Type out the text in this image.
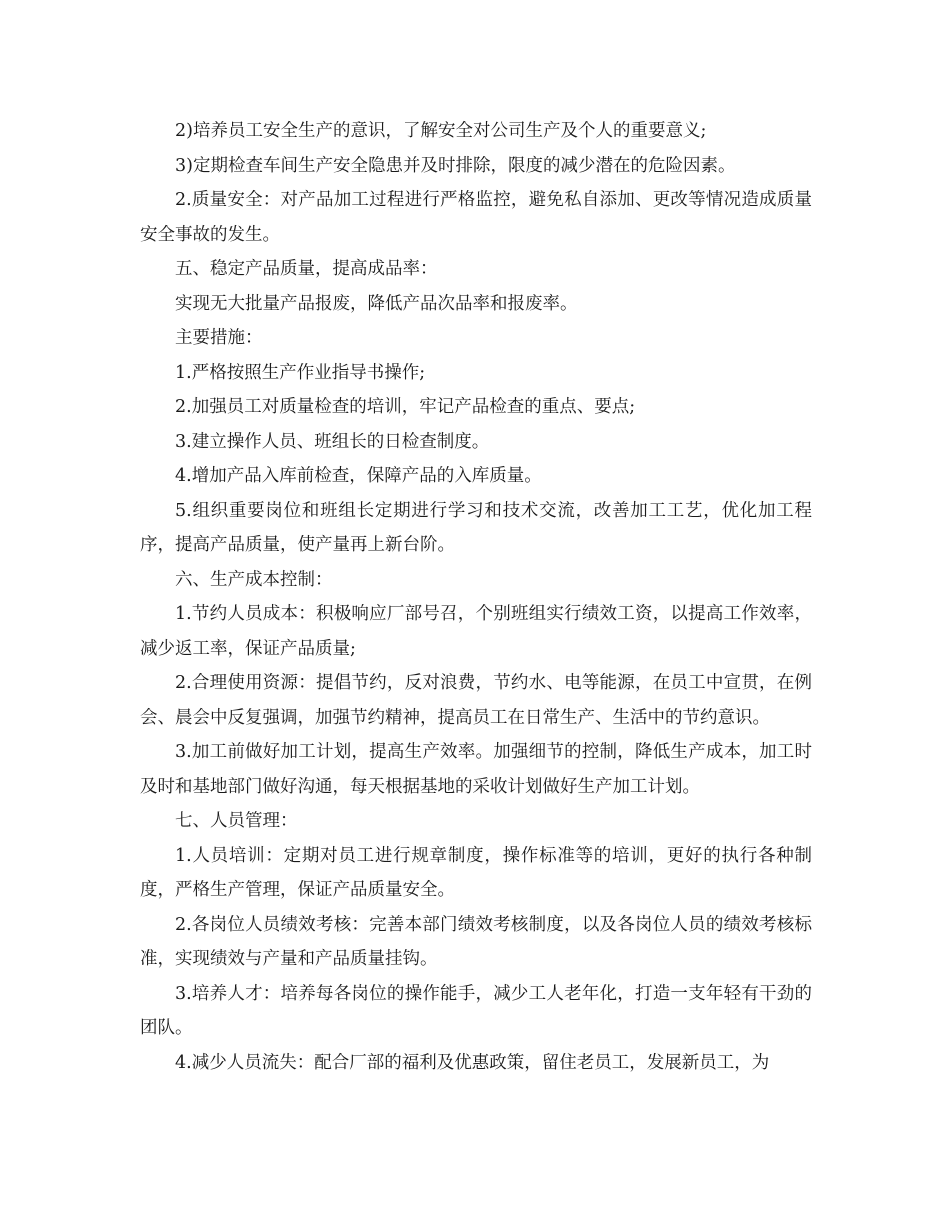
2)培养员工安全生产的意识，了解安全对公司生产及个人的重要意义;

3)定期检查车间生产安全隐患并及时排除，限度的减少潜在的危险因素。

2.质量安全：对产品加工过程进行严格监控，避免私自添加、更改等情况造成质量安全事故的发生。

五、稳定产品质量，提高成品率：

实现无大批量产品报废，降低产品次品率和报废率。

主要措施：

1.严格按照生产作业指导书操作;

2.加强员工对质量检查的培训，牢记产品检查的重点、要点;

3.建立操作人员、班组长的日检查制度。

4.增加产品入库前检查，保障产品的入库质量。

5.组织重要岗位和班组长定期进行学习和技术交流，改善加工工艺，优化加工程序，提高产品质量，使产量再上新台阶。

六、生产成本控制：

1.节约人员成本：积极响应厂部号召，个别班组实行绩效工资，以提高工作效率，减少返工率，保证产品质量;

2.合理使用资源：提倡节约，反对浪费，节约水、电等能源，在员工中宣贯，在例会、晨会中反复强调，加强节约精神，提高员工在日常生产、生活中的节约意识。

3.加工前做好加工计划，提高生产效率。加强细节的控制，降低生产成本，加工时及时和基地部门做好沟通，每天根据基地的采收计划做好生产加工计划。

七、人员管理：

1.人员培训：定期对员工进行规章制度，操作标准等的培训，更好的执行各种制度，严格生产管理，保证产品质量安全。

2.各岗位人员绩效考核：完善本部门绩效考核制度，以及各岗位人员的绩效考核标准，实现绩效与产量和产品质量挂钩。

3.培养人才：培养每各岗位的操作能手，减少工人老年化，打造一支年轻有干劲的团队。

4.减少人员流失：配合厂部的福利及优惠政策，留住老员工，发展新员工，为
